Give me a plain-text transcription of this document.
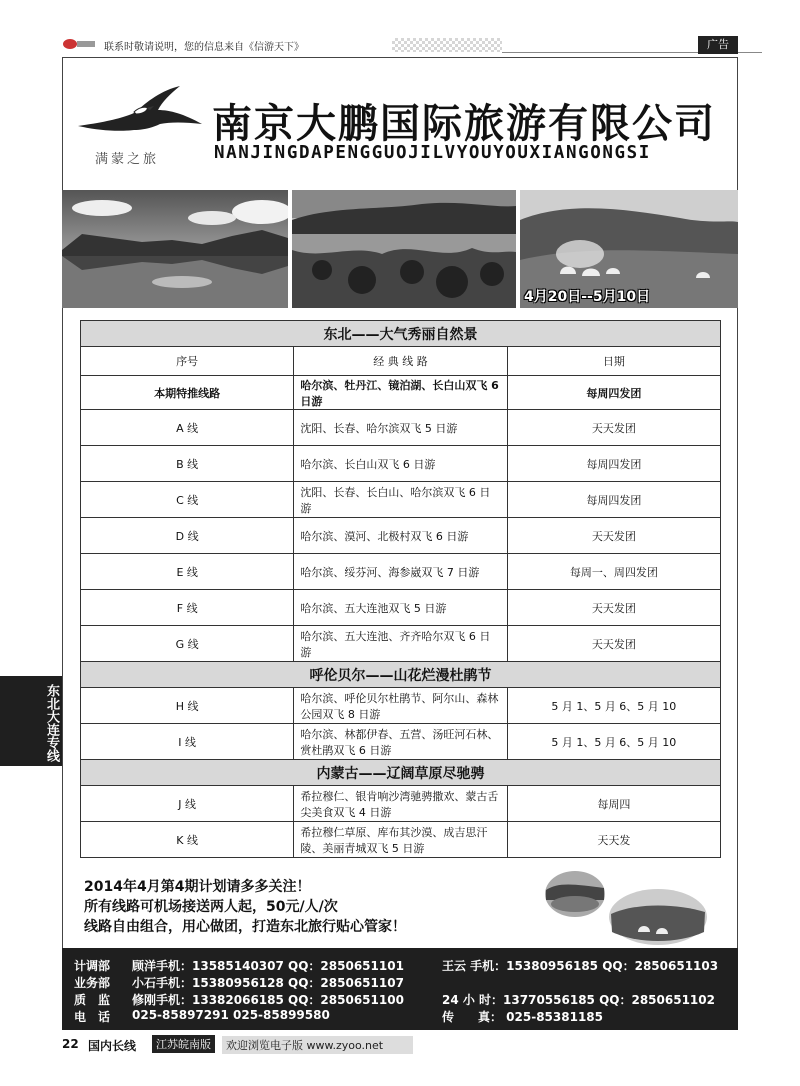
联系时敬请说明，您的信息来自《信游天下》	广告
满蒙之旅
南京大鹏国际旅游有限公司
NANJINGDAPENGGUOJILVYOUYOUXIANGONGSI
4月20日--5月10日
东北——大气秀丽自然景		
序号	经 典 线 路	日期
本期特推线路	哈尔滨、牡丹江、镜泊湖、长白山双飞 6 日游	每周四发团
A 线	沈阳、长春、哈尔滨双飞 5 日游	天天发团
B 线	哈尔滨、长白山双飞 6 日游	每周四发团
C 线	沈阳、长春、长白山、哈尔滨双飞 6 日游	每周四发团
D 线	哈尔滨、漠河、北极村双飞 6 日游	天天发团
E 线	哈尔滨、绥芬河、海参崴双飞 7 日游	每周一、周四发团
F 线	哈尔滨、五大连池双飞 5 日游	天天发团
G 线	哈尔滨、五大连池、齐齐哈尔双飞 6 日游	天天发团
呼伦贝尔——山花烂漫杜鹃节		
H 线	哈尔滨、呼伦贝尔杜鹃节、阿尔山、森林公园双飞 8 日游	5 月 1、5 月 6、5 月 10
I 线	哈尔滨、林都伊春、五营、汤旺河石林、赏杜鹃双飞 6 日游	5 月 1、5 月 6、5 月 10
内蒙古——辽阔草原尽驰骋		
J 线	希拉穆仁、银肯响沙湾驰骋撒欢、蒙古舌尖美食双飞 4 日游	每周四
K 线	希拉穆仁草原、库布其沙漠、成吉思汗陵、美丽青城双飞 5 日游	天天发
2014年4月第4期计划请多多关注！
所有线路可机场接送两人起，50元/人/次
线路自由组合，用心做团，打造东北旅行贴心管家！
计调部 顾洋手机：13585140307 QQ：2850651101	王云 手机：15380956185 QQ：2850651103
业务部 小石手机：15380956128 QQ：2850651107
质　监 修刚手机：13382066185 QQ：2850651100	24 小 时：13770556185 QQ：2850651102
电　话 025-85897291 025-85899580	传　　真： 025-85381185
22 国内长线	江苏皖南版	欢迎浏览电子版 www.zyoo.net
东北大连专线
